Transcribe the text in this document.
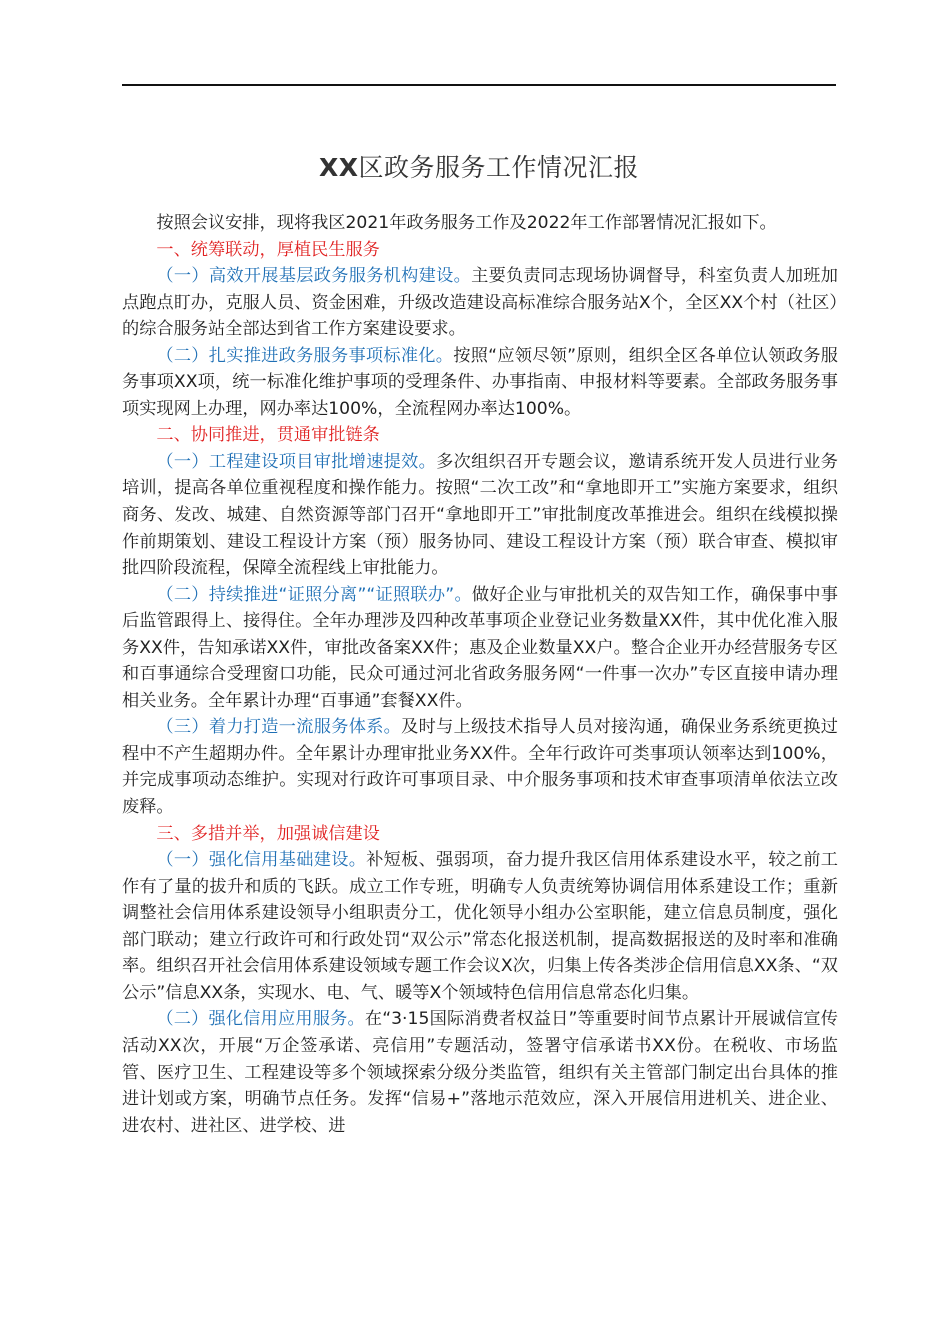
XX区政务服务工作情况汇报

按照会议安排，现将我区2021年政务服务工作及2022年工作部署情况汇报如下。

一、统筹联动，厚植民生服务

（一）高效开展基层政务服务机构建设。主要负责同志现场协调督导，科室负责人加班加点跑点盯办，克服人员、资金困难，升级改造建设高标准综合服务站X个，全区XX个村（社区）的综合服务站全部达到省工作方案建设要求。

（二）扎实推进政务服务事项标准化。按照“应领尽领”原则，组织全区各单位认领政务服务事项XX项，统一标准化维护事项的受理条件、办事指南、申报材料等要素。全部政务服务事项实现网上办理，网办率达100%，全流程网办率达100%。

二、协同推进，贯通审批链条

（一）工程建设项目审批增速提效。多次组织召开专题会议，邀请系统开发人员进行业务培训，提高各单位重视程度和操作能力。按照“二次工改”和“拿地即开工”实施方案要求，组织商务、发改、城建、自然资源等部门召开“拿地即开工”审批制度改革推进会。组织在线模拟操作前期策划、建设工程设计方案（预）服务协同、建设工程设计方案（预）联合审查、模拟审批四阶段流程，保障全流程线上审批能力。

（二）持续推进“证照分离”“证照联办”。做好企业与审批机关的双告知工作，确保事中事后监管跟得上、接得住。全年办理涉及四种改革事项企业登记业务数量XX件，其中优化准入服务XX件，告知承诺XX件，审批改备案XX件；惠及企业数量XX户。整合企业开办经营服务专区和百事通综合受理窗口功能，民众可通过河北省政务服务网“一件事一次办”专区直接申请办理相关业务。全年累计办理“百事通”套餐XX件。

（三）着力打造一流服务体系。及时与上级技术指导人员对接沟通，确保业务系统更换过程中不产生超期办件。全年累计办理审批业务XX件。全年行政许可类事项认领率达到100%，并完成事项动态维护。实现对行政许可事项目录、中介服务事项和技术审查事项清单依法立改废释。

三、多措并举，加强诚信建设

（一）强化信用基础建设。补短板、强弱项，奋力提升我区信用体系建设水平，较之前工作有了量的拔升和质的飞跃。成立工作专班，明确专人负责统筹协调信用体系建设工作；重新调整社会信用体系建设领导小组职责分工，优化领导小组办公室职能，建立信息员制度，强化部门联动；建立行政许可和行政处罚“双公示”常态化报送机制，提高数据报送的及时率和准确率。组织召开社会信用体系建设领域专题工作会议X次，归集上传各类涉企信用信息XX条、“双公示”信息XX条，实现水、电、气、暖等X个领域特色信用信息常态化归集。

（二）强化信用应用服务。在“3·15国际消费者权益日”等重要时间节点累计开展诚信宣传活动XX次，开展“万企签承诺、亮信用”专题活动，签署守信承诺书XX份。在税收、市场监管、医疗卫生、工程建设等多个领域探索分级分类监管，组织有关主管部门制定出台具体的推进计划或方案，明确节点任务。发挥“信易+”落地示范效应，深入开展信用进机关、进企业、进农村、进社区、进学校、进
